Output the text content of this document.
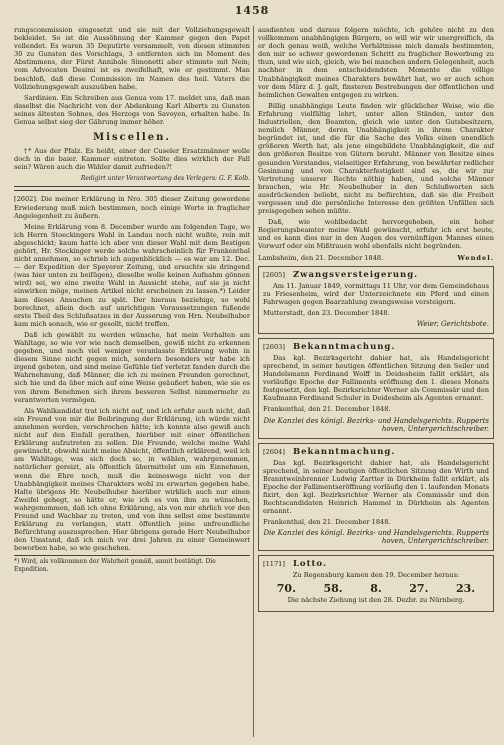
1458

rungscommission eingesetzt und sie mit der Vollziehungsgewalt bekleidet. So ist die Aussöhnung der Kammer gegen den Papst vollendet. Es waren 35 Deputirte versammelt, von diesen stimmten 30 zu Gunsten des Vorschlags, 3 entfernten sich im Moment des Abstimmens, der Fürst Annibale Simonetti aber stimmte mit Nein; vom Advocaten Desimi ist es zweifelhaft, wie er gestimmt. Man beschloß, daß diese Commission im Namen des heil. Vaters die Vollziehungsgewalt auszuüben habe.

Sardinien. Ein Schreiben aus Genua vom 17. meldet uns, daß man daselbst die Nachricht von der Abdankung Karl Alberts zu Gunsten seines ältesten Sohnes, des Herzogs von Savoyen, erhalten habe. In Genua selbst sieg der Gährung immer höher.

Miscellen.

†* Aus der Pfalz. Es heißt, einer der Cuseler Ersatzmänner wolle doch in die baier. Kammer eintreten. Sollte dies wirklich der Fall sein? Wären auch die Wähler damit zufrieden?!

Redigirt unter Verantwortung des Verlegers: G. F. Kolb.

[2602]. Die meiner Erklärung in Nro. 305 dieser Zeitung gewordene Erwiederung muß mich bestimmen, noch einige Worte in fraglicher Angelegenheit zu äußern.

Meine Erklärung vom 8. December wurde am folgenden Tage, wo ich Herrn Stoeckingers Wahl in Landau noch nicht wußte, rein mit abgeschickt; kaum hatte ich aber von dieser Wahl mit dem Bestigen gehört, Hr. Stockinger werde solche wahrscheinlich für Frankenthal nicht annehmen, so schrieb ich augenblicklich — es war am 12. Dec. — der Expedition der Speyerer Zeitung, und ersuchte sie dringend (was hier unten zu beifügen), dieselbe wolle keinen Aufnahm gönnen wird) sei, wo eine zweite Wahl in Aussicht stehe, auf sie ja nicht einwirken möge, meinen Artikel nicht erscheinen zu lassen.*) Leider kam dieses Ansuchen zu spät. Der hieraus beziehige, so wohl berechnet, allein doch auf unrichtigen Voraussetzungen fußende erste Theil des Schlußsatzes in der Ausserung von Hrn. Neubelhuber kam mich sonach, wie er gesollt, nicht treffen.

Daß ich gewählt zu werden wünsche, hat mein Verhalten am Wahltage, so wie vor wie nach demselben, gewiß nicht zu erkennen gegeben, und noch viel weniger veranlasste Erklärung wohin in diesem Sinne nicht gegen mich, sondern besonders wir habe ich irgend gebeten, und sind meine Gefühle tief verletzt fanden durch die Wahrnehmung, daß Männer, die ich zu meinen Freunden gerechnet, sich hie und da über mich auf eine Weise geäußert haben, wie sie es von ihrem Benehmen sich ihrem besseren Selbst nimmermehr zu verantworten vermögen.

Als Wahlkandidat trat ich nicht auf, und ich erfuhr auch nicht, daß ein Freund von mir die Beibringung der Erklärung, ich würde nicht annehmen werden, verschrochen hätte; ich konnte also gewiß auch nicht auf den Einfall gerathen, hierüber mit einer öffentlichen Erklärung aufzutreten zu sollen. Die Freunde, welche meine Wahl gewünscht, obwohl nicht meine Absicht, öffentlich erklärend, weil ich am Wahltage, was sich doch so, in wählen, wahrgenommen, natürlicher gereizt, als öffentlich übermittelst um ein Einnehmen, wenn die Ehre noch, muß die keineswegs nicht von der Unabhängigkeit meines Charakters wohl zu erwarten gegeben habe. Halte übrigens Hr. Neubelhuber hierüber wirklich auch nur einen Zweifel gehegt, so hätte er, wie ich es von ihm zu wünschen, wahrgenommen, daß ich ohne Erklärung, als von mir ehrlich vor den Freund und Wachbar zu treten, und von ihm selbst eine bestimmte Erklärung zu verlangen, statt öffentlich jeine unfreundliche Befürchtung auszusprechen. Hier übrigens gerade Herr Neubelhuber den Umstand, daß ich mich vor drei Jahren zu einer Gemeinwert beworben habe, so wie geschehen.

*) Wird, als vollkommen der Wahrheit gemäß, anmit bestätigt. Die Expedition.

ausdienten und daraus folgern möchte, ich gehöre nicht zu den vollkommen unabhängigen Bürgern, so will wir wir unergreiflich, da er doch genau weiß, welche Verhältnisse mich damals bestimmten, den mir so schwer gewordenen Schritt zu fraglicher Bewerbung zu thun, und wie sich, gleich, wie bei manchen andern Gelegenheit, auch nachher in dem entscheidendsten Momente die völlige Unabhängigkeit meines Charakters bewährt hat, wo er auch schon vor dem März d. J. galt, finsteren Bestrebungen der öffentlichen und heimlichen Gewalten entgegen zu wirken.

Billig unabhängige Leute finden wir glücklicher Weise, wie die Erfahrung vielfältig lehrt, unter allen Ständen, unter den Industriellen, den Beamten, gleich wie unter den Gutsbesitzern, nemlich Männer, deren Unabhängigkeit in ihrem Charakter begründet ist, und die für die Sache des Volks einen unendlich größeren Werth hat, als jene eingebildete Unabhängigkeit, die auf den größeren Besitze von Gütern beruht. Männer von Besitze eines gesunden Verstandes, vielseitiger Erfahrung, von bewährter redlicher Gesinnung und von Charakterfestigkeit sind es, die wir zur Vertretung unserer Rechte nöthig haben, und solche Männer brauchen, wie Hr. Neubelhuber in den Schlußworten sich ausdrückenden beliebt, nicht zu befürchten, daß sie die Freiheit vergessen und die persönliche Interesse den größten Unfällen sich preisgegeben sehen müßte.

Daß, wie wohlbedacht hervorgehoben, ein hoher Regierungsbeamter meine Wahl gewünscht, erfuhr ich erst heute, und es kann dies nur in den Augen des vernünftigen Mannes einen Vorwurf oder ein Mißtrauen wohl ebenfalls nicht begründen.

Lambsheim, den 21. December 1848.	Wendel.
[2605] Zwangsversteigerung.

Am 11. Januar 1849, vormittags 11 Uhr, vor dem Gemeindehaus zu Friesenheim, wird der Unterzeichnete ein Pferd und einen Fahrwagen gegen Baarzahlung zwangsweise versteigern.

Mutterstadt, den 23. December 1848.

Weier, Gerichtsbote.
[2603] Bekanntmachung.

Das kgl. Bezirksgericht dahier hat, als Handelsgericht sprechend, in seiner heutigen öffentlichen Sitzung den Seiler und Handelsmann Ferdinand Wolff in Deidesheim fallit erklärt, als vorläufige Epoche der Falliments eröffnung den 1. dieses Monats festgesetzt, den kgl. Bezirksrichter Werner als Commissär und den Kaufmann Ferdinand Schuler in Deidesheim als Agenten ernannt.

Frankenthal, den 21. December 1848.

Die Kanzlei des königl. Bezirks- und Handelsgerichts. Rupperts hoven, Untergerichtschreiber.
[2604] Bekanntmachung.

Das kgl. Bezirksgericht dahier hat, als Handelsgericht sprechend, in seiner heutigen öffentlichen Sitzung den Wirth und Branntweinbrenner Ludwig Zartter in Dürkheim fallit erklärt, als Epoche der Fallimentseröffnung vorläufig den 1. laufenden Monats fixirt, den kgl. Bezirksrichter Werner als Commissär und den Rechtscandidaten Heinrich Hammel in Dürkheim als Agenten ernannt.

Frankenthal, den 21. December 1848.

Die Kanzlei des königl. Bezirks- und Handelsgerichts. Rupperts hoven, Untergerichtschreiber.
[1171] Lotto.

Zu Regensburg kamen den 19. December heraus:

70.	58.	8.	27.	23.

Die nächste Ziehung ist den 28. Dezbr. zu Nürnberg.
